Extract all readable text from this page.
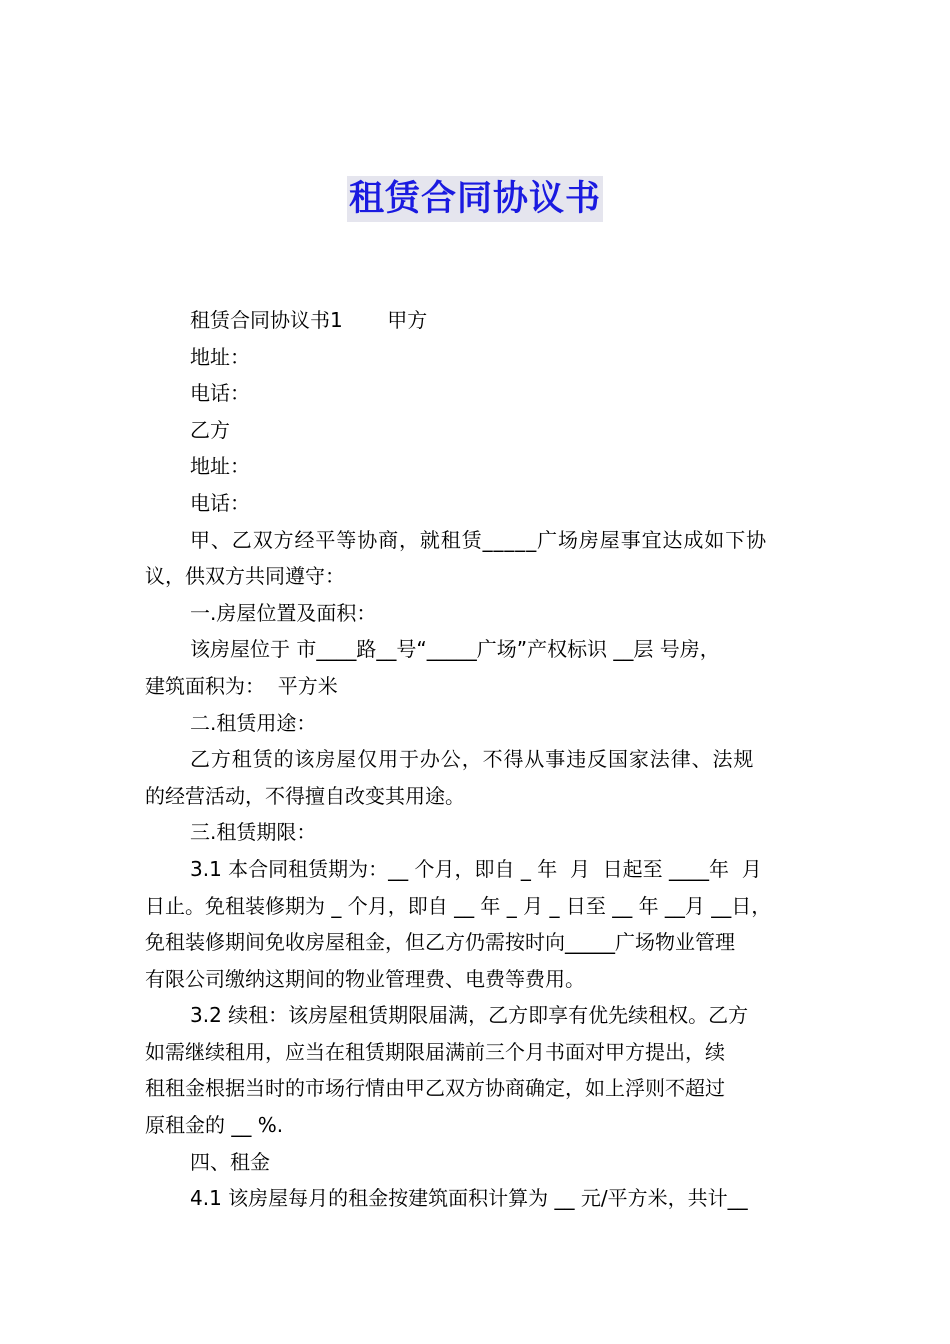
租赁合同协议书

租赁合同协议书1       甲方

地址：

电话：

乙方

地址：

电话：

甲、乙双方经平等协商，就租赁_____广场房屋事宜达成如下协

议，供双方共同遵守：

一.房屋位置及面积：

该房屋位于 市____路__号“_____广场”产权标识 __层 号房，

建筑面积为：  平方米

二.租赁用途：

乙方租赁的该房屋仅用于办公，不得从事违反国家法律、法规

的经营活动，不得擅自改变其用途。

三.租赁期限：

3.1 本合同租赁期为：__ 个月，即自 _ 年  月  日起至 ____年  月

日止。免租装修期为 _ 个月，即自 __ 年 _ 月 _ 日至 __ 年 __月 __日，

免租装修期间免收房屋租金，但乙方仍需按时向_____广场物业管理

有限公司缴纳这期间的物业管理费、电费等费用。

3.2 续租：该房屋租赁期限届满，乙方即享有优先续租权。乙方

如需继续租用，应当在租赁期限届满前三个月书面对甲方提出，续

租租金根据当时的市场行情由甲乙双方协商确定，如上浮则不超过

原租金的 __ %.

四、租金

4.1 该房屋每月的租金按建筑面积计算为 __ 元/平方米，共计__
